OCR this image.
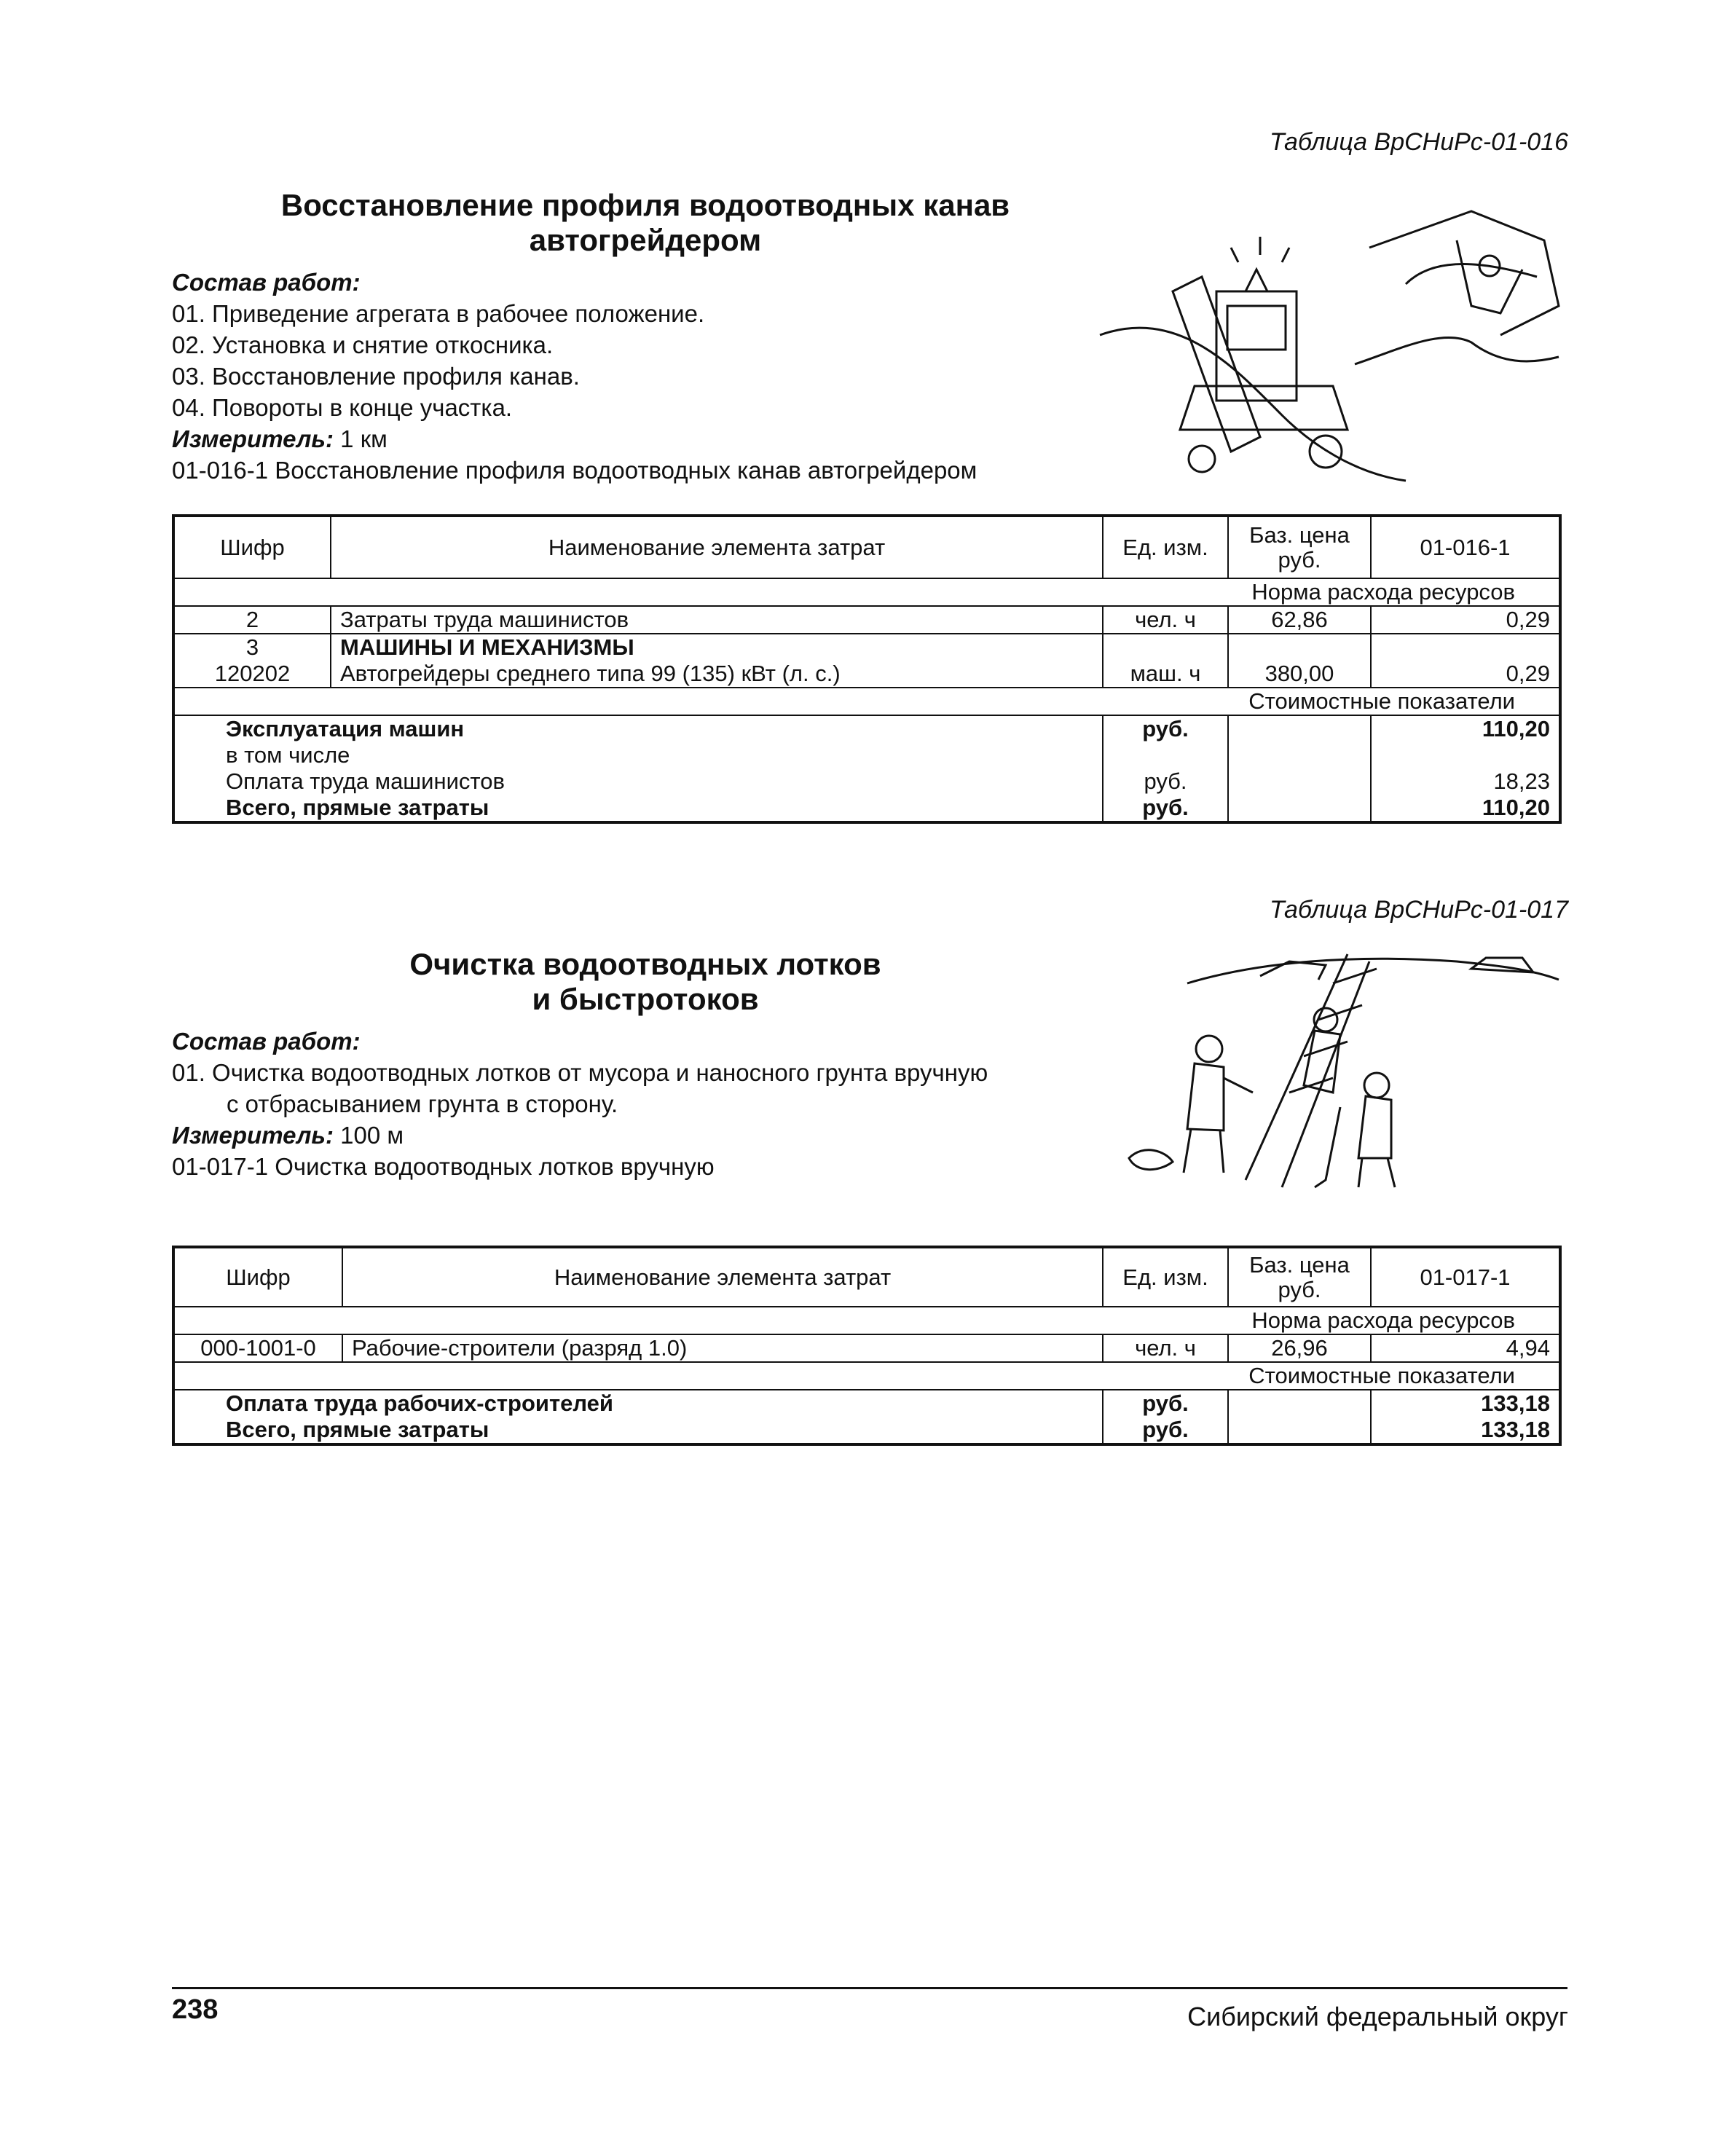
Таблица ВрСНиРс-01-016
Восстановление профиля водоотводных канав
автогрейдером
Состав работ:
01. Приведение агрегата в рабочее положение.
02. Установка и снятие откосника.
03. Восстановление профиля канав.
04. Повороты в конце участка.
Измеритель: 1 км
01-016-1 Восстановление профиля водоотводных канав автогрейдером
Шифр	Наименование элемента затрат	Ед. изм.	Баз. цена руб.	01-016-1
Норма расхода ресурсов				
2	Затраты труда машинистов	чел. ч	62,86	0,29
3	МАШИНЫ И МЕХАНИЗМЫ			
120202	Автогрейдеры среднего типа 99 (135) кВт (л. с.)	маш. ч	380,00	0,29
Стоимостные показатели				
Эксплуатация машин		руб.		110,20
в том числе				
Оплата труда машинистов		руб.		18,23
Всего, прямые затраты		руб.		110,20
Таблица ВрСНиРс-01-017
Очистка водоотводных лотков
и быстротоков
Состав работ:
01. Очистка водоотводных лотков от мусора и наносного грунта вручную
с отбрасыванием грунта в сторону.
Измеритель: 100 м
01-017-1 Очистка водоотводных лотков вручную
Шифр	Наименование элемента затрат	Ед. изм.	Баз. цена руб.	01-017-1
Норма расхода ресурсов				
000-1001-0	Рабочие-строители (разряд 1.0)	чел. ч	26,96	4,94
Стоимостные показатели				
Оплата труда рабочих-строителей		руб.		133,18
Всего, прямые затраты		руб.		133,18
238	Сибирский федеральный округ
